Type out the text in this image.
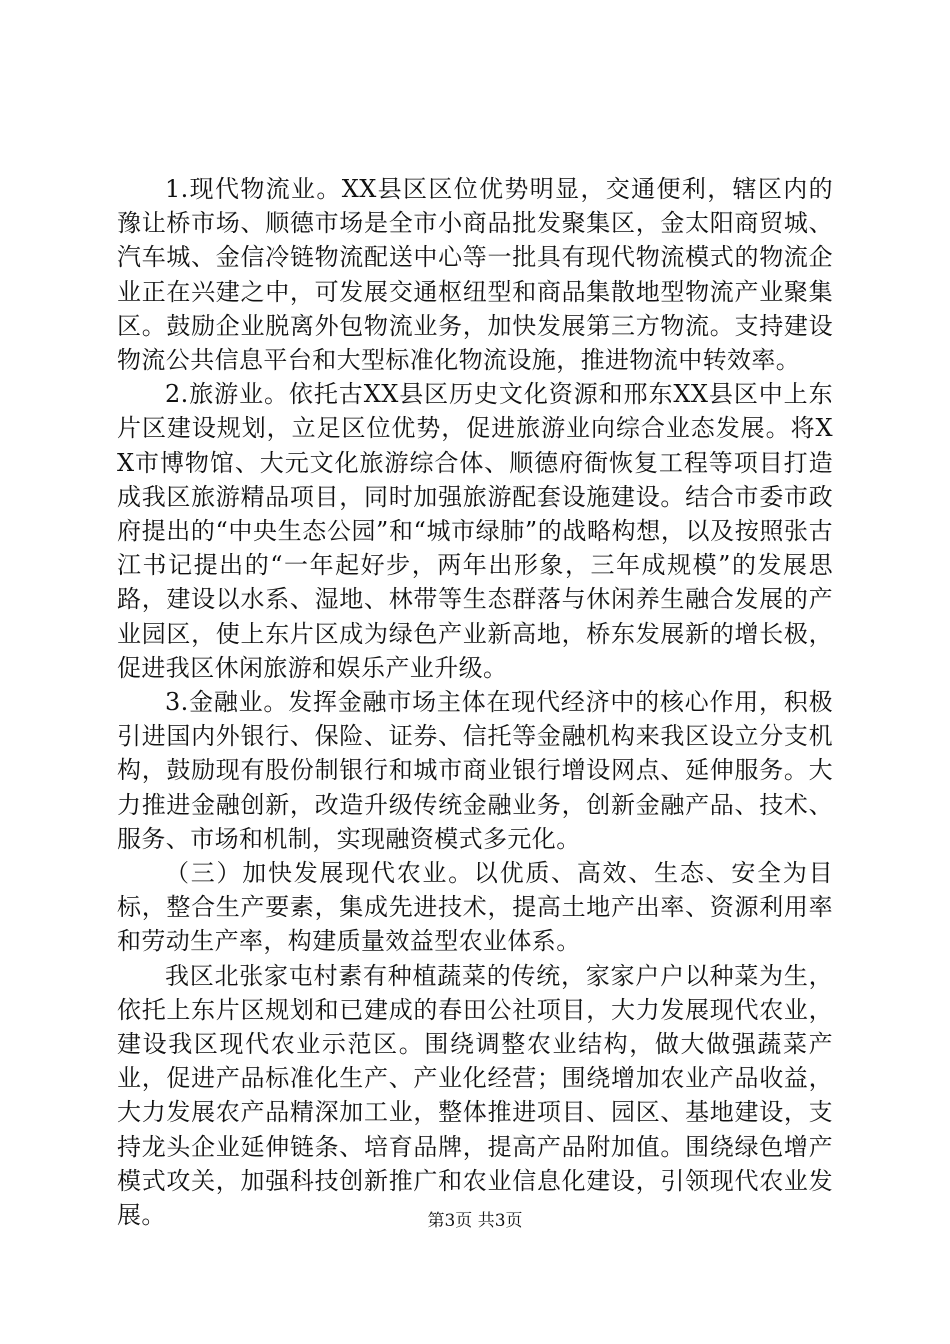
1.现代物流业。XX县区区位优势明显，交通便利，辖区内的豫让桥市场、顺德市场是全市小商品批发聚集区，金太阳商贸城、汽车城、金信冷链物流配送中心等一批具有现代物流模式的物流企业正在兴建之中，可发展交通枢纽型和商品集散地型物流产业聚集区。鼓励企业脱离外包物流业务，加快发展第三方物流。支持建设物流公共信息平台和大型标准化物流设施，推进物流中转效率。

2.旅游业。依托古XX县区历史文化资源和邢东XX县区中上东片区建设规划，立足区位优势，促进旅游业向综合业态发展。将XX市博物馆、大元文化旅游综合体、顺德府衙恢复工程等项目打造成我区旅游精品项目，同时加强旅游配套设施建设。结合市委市政府提出的“中央生态公园”和“城市绿肺”的战略构想，以及按照张古江书记提出的“一年起好步，两年出形象，三年成规模”的发展思路，建设以水系、湿地、林带等生态群落与休闲养生融合发展的产业园区，使上东片区成为绿色产业新高地，桥东发展新的增长极，促进我区休闲旅游和娱乐产业升级。

3.金融业。发挥金融市场主体在现代经济中的核心作用，积极引进国内外银行、保险、证券、信托等金融机构来我区设立分支机构，鼓励现有股份制银行和城市商业银行增设网点、延伸服务。大力推进金融创新，改造升级传统金融业务，创新金融产品、技术、服务、市场和机制，实现融资模式多元化。

（三）加快发展现代农业。以优质、高效、生态、安全为目标，整合生产要素，集成先进技术，提高土地产出率、资源利用率和劳动生产率，构建质量效益型农业体系。

我区北张家屯村素有种植蔬菜的传统，家家户户以种菜为生，依托上东片区规划和已建成的春田公社项目，大力发展现代农业，建设我区现代农业示范区。围绕调整农业结构，做大做强蔬菜产业，促进产品标准化生产、产业化经营；围绕增加农业产品收益，大力发展农产品精深加工业，整体推进项目、园区、基地建设，支持龙头企业延伸链条、培育品牌，提高产品附加值。围绕绿色增产模式攻关，加强科技创新推广和农业信息化建设，引领现代农业发展。	第3页 共3页
